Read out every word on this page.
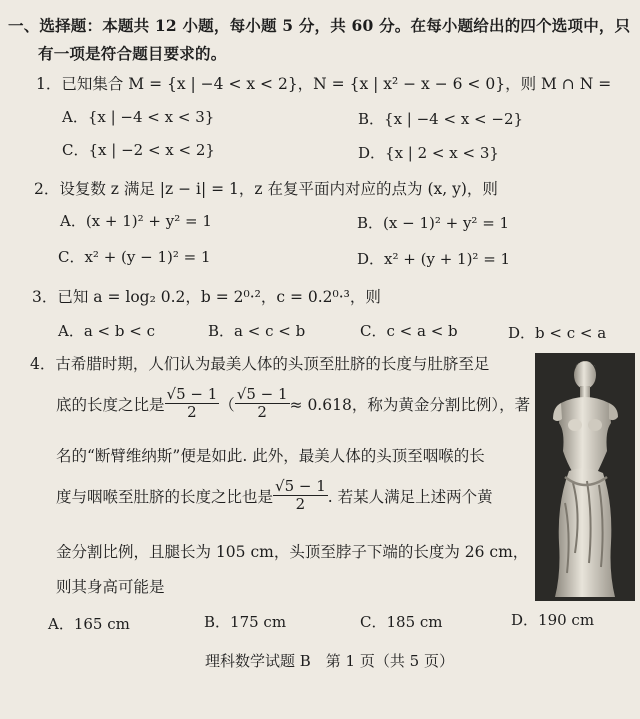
一、选择题：本题共 12 小题，每小题 5 分，共 60 分。在每小题给出的四个选项中，只
有一项是符合题目要求的。
1．已知集合 M = {x | −4 < x < 2}，N = {x | x² − x − 6 < 0}，则 M ∩ N =
A．{x | −4 < x < 3}	B．{x | −4 < x < −2}
C．{x | −2 < x < 2}	D．{x | 2 < x < 3}
2．设复数 z 满足 |z − i| = 1，z 在复平面内对应的点为 (x, y)，则
A．(x + 1)² + y² = 1	B．(x − 1)² + y² = 1
C．x² + (y − 1)² = 1	D．x² + (y + 1)² = 1
3．已知 a = log₂ 0.2，b = 2⁰·²，c = 0.2⁰·³，则
A．a < b < c	B．a < c < b	C．c < a < b	D．b < c < a
4．古希腊时期，人们认为最美人体的头顶至肚脐的长度与肚脐至足
底的长度之比是 $\frac{√5 - 1}{2}$ （ $\frac{√5 - 1}{2} \approx 0.618$，称为黄金分割比例），著
名的“断臂维纳斯”便是如此. 此外，最美人体的头顶至咽喉的长
度与咽喉至肚脐的长度之比也是 $\frac{√5 - 1}{2}$ . 若某人满足上述两个黄
金分割比例，且腿长为 105 cm，头顶至脖子下端的长度为 26 cm，
则其身高可能是
A．165 cm	B．175 cm	C．185 cm	D．190 cm
理科数学试题 B　第 1 页（共 5 页）
